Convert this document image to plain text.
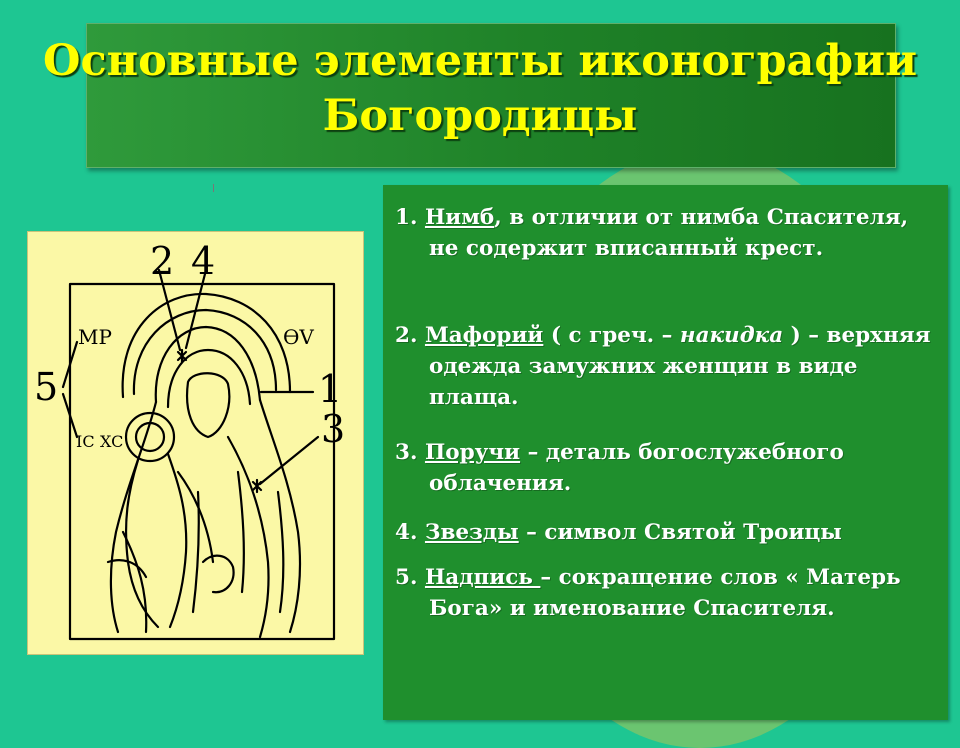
Основные элементы иконографии
Богородицы
2 4
5	1
3
MP	ѲV
IC XC
1. Нимб, в отличии от нимба Спасителя, не содержит вписанный крест.
2. Мафорий ( с греч. – накидка ) – верхняя одежда замужних женщин в виде плаща.
3. Поручи – деталь богослужебного облачения.
4. Звезды – символ Святой Троицы
5. Надпись – сокращение слов « Матерь Бога» и именование Спасителя.
